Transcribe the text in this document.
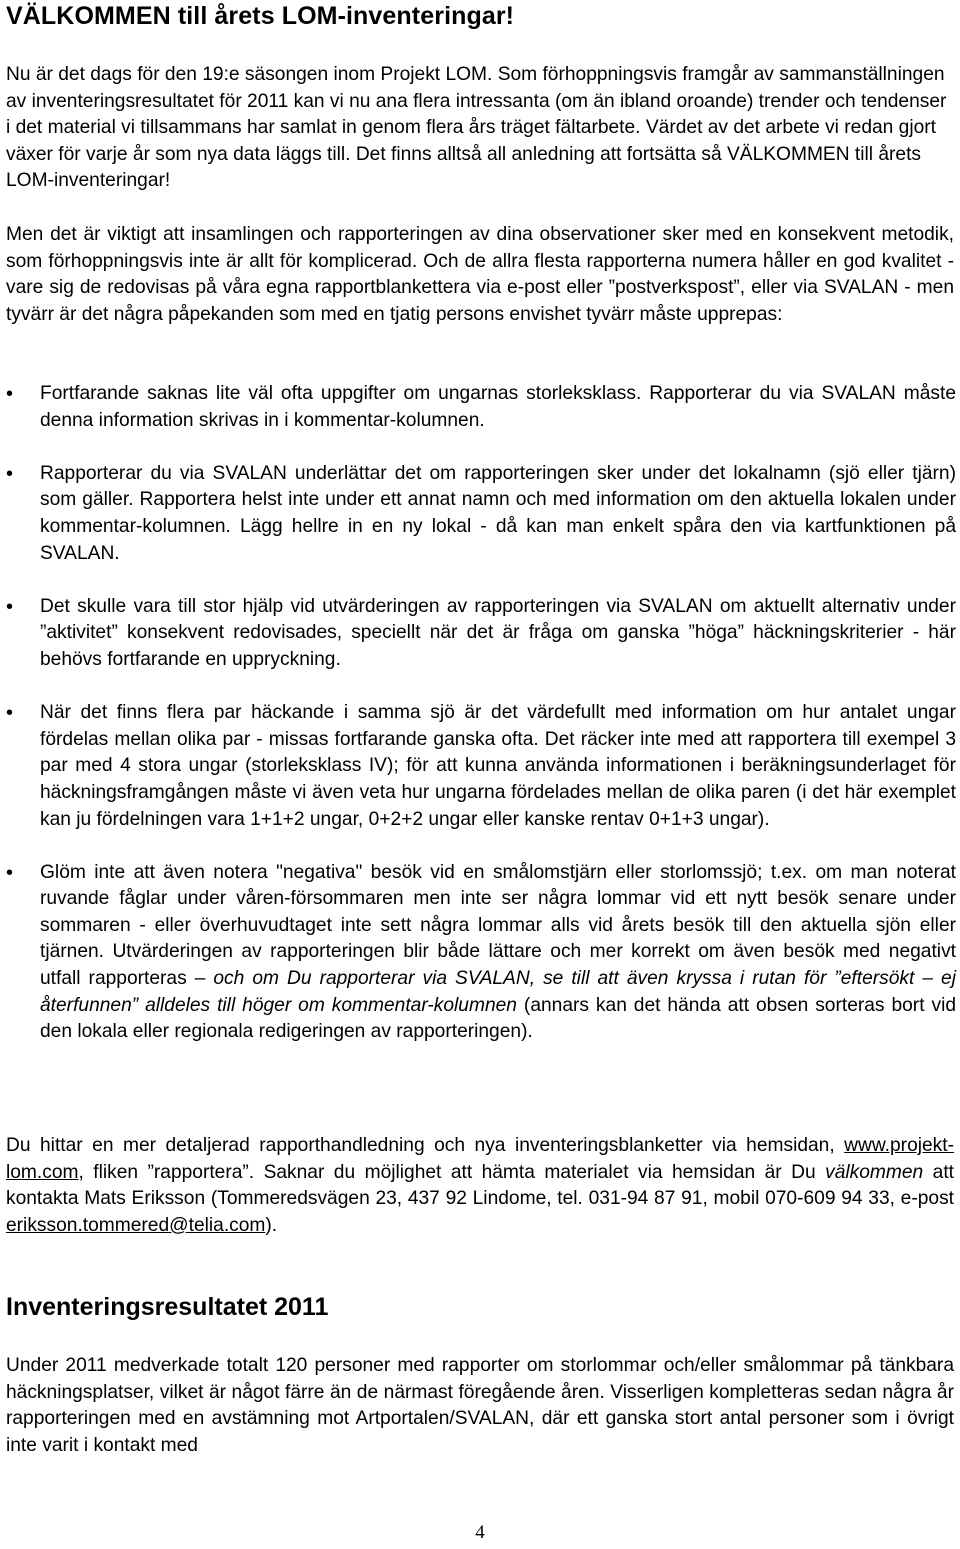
VÄLKOMMEN till årets LOM-inventeringar!
Nu är det dags för den 19:e säsongen inom Projekt LOM. Som förhoppningsvis framgår av sammanställningen av inventeringsresultatet för 2011 kan vi nu ana flera intressanta (om än ibland oroande) trender och tendenser i det material vi tillsammans har samlat in genom flera års träget fältarbete. Värdet av det arbete vi redan gjort växer för varje år som nya data läggs till. Det finns alltså all anledning att fortsätta så VÄLKOMMEN till årets LOM-inventeringar!
Men det är viktigt att insamlingen och rapporteringen av dina observationer sker med en konsekvent metodik, som förhoppningsvis inte är allt för komplicerad. Och de allra flesta rapporterna numera håller en god kvalitet - vare sig de redovisas på våra egna rapportblankettera via e-post eller ”postverkspost”, eller via SVALAN - men tyvärr är det några påpekanden som med en tjatig persons envishet tyvärr måste upprepas:
• Fortfarande saknas lite väl ofta uppgifter om ungarnas storleksklass. Rapporterar du via SVALAN måste denna information skrivas in i kommentar-kolumnen.
• Rapporterar du via SVALAN underlättar det om rapporteringen sker under det lokalnamn (sjö eller tjärn) som gäller. Rapportera helst inte under ett annat namn och med information om den aktuella lokalen under kommentar-kolumnen. Lägg hellre in en ny lokal - då kan man enkelt spåra den via kartfunktionen på SVALAN.
• Det skulle vara till stor hjälp vid utvärderingen av rapporteringen via SVALAN om aktuellt alternativ under ”aktivitet” konsekvent redovisades, speciellt när det är fråga om ganska ”höga” häckningskriterier - här behövs fortfarande en uppryckning.
• När det finns flera par häckande i samma sjö är det värdefullt med information om hur antalet ungar fördelas mellan olika par - missas fortfarande ganska ofta. Det räcker inte med att rapportera till exempel 3 par med 4 stora ungar (storleksklass IV); för att kunna använda informationen i beräkningsunderlaget för häckningsframgången måste vi även veta hur ungarna fördelades mellan de olika paren (i det här exemplet kan ju fördelningen vara 1+1+2 ungar, 0+2+2 ungar eller kanske rentav 0+1+3 ungar).
• Glöm inte att även notera "negativa" besök vid en smålomstjärn eller storlomssjö; t.ex. om man noterat ruvande fåglar under våren-försommaren men inte ser några lommar vid ett nytt besök senare under sommaren - eller överhuvudtaget inte sett några lommar alls vid årets besök till den aktuella sjön eller tjärnen. Utvärderingen av rapporteringen blir både lättare och mer korrekt om även besök med negativt utfall rapporteras – och om Du rapporterar via SVALAN, se till att även kryssa i rutan för ”eftersökt – ej återfunnen” alldeles till höger om kommentar-kolumnen (annars kan det hända att obsen sorteras bort vid den lokala eller regionala redigeringen av rapporteringen).
Du hittar en mer detaljerad rapporthandledning och nya inventeringsblanketter via hemsidan, www.projekt-lom.com, fliken ”rapportera”. Saknar du möjlighet att hämta materialet via hemsidan är Du välkommen att kontakta Mats Eriksson (Tommeredsvägen 23, 437 92 Lindome, tel. 031-94 87 91, mobil 070-609 94 33, e-post eriksson.tommered@telia.com).
Inventeringsresultatet 2011
Under 2011 medverkade totalt 120 personer med rapporter om storlommar och/eller smålommar på tänkbara häckningsplatser, vilket är något färre än de närmast föregående åren. Visserligen kompletteras sedan några år rapporteringen med en avstämning mot Artportalen/SVALAN, där ett ganska stort antal personer som i övrigt inte varit i kontakt med
4
